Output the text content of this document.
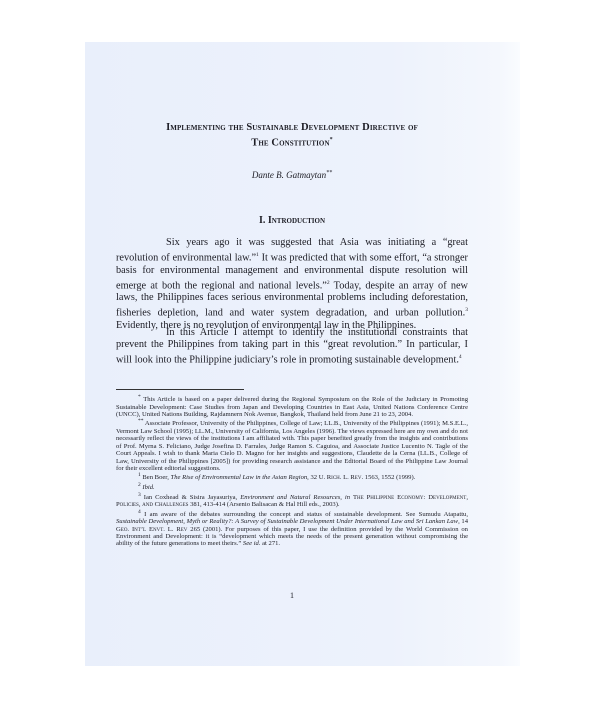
Implementing the Sustainable Development Directive of
The Constitution*
Dante B. Gatmaytan**
I. Introduction

Six years ago it was suggested that Asia was initiating a “great revolution of environmental law.”$^1$ It was predicted that with some effort, “a stronger basis for environmental management and environmental dispute resolution will emerge at both the regional and national levels.”$^2$ Today, despite an array of new laws, the Philippines faces serious environmental problems including deforestation, fisheries depletion, land and water system degradation, and urban pollution.$^3$ Evidently, there is no revolution of environmental law in the Philippines.

In this Article I attempt to identify the institutional constraints that prevent the Philippines from taking part in this “great revolution.” In particular, I will look into the Philippine judiciary’s role in promoting sustainable development.$^4$

* This Article is based on a paper delivered during the Regional Symposium on the Role of the Judiciary in Promoting Sustainable Development: Case Studies from Japan and Developing Countries in East Asia, United Nations Conference Centre (UNCC), United Nations Building, Rajdamnern Nok Avenue, Bangkok, Thailand held from June 21 to 23, 2004.

** Associate Professor, University of the Philippines, College of Law; LL.B., University of the Philippines (1991); M.S.E.L., Vermont Law School (1995); LL.M., University of California, Los Angeles (1996). The views expressed here are my own and do not necessarily reflect the views of the institutions I am affiliated with. This paper benefited greatly from the insights and contributions of Prof. Myrna S. Feliciano, Judge Josefina D. Farrales, Judge Ramon S. Caguioa, and Associate Justice Lucenito N. Tagle of the Court Appeals. I wish to thank Maria Cielo D. Magno for her insights and suggestions, Claudette de la Cerna (LL.B., College of Law, University of the Philippines [2005]) for providing research assistance and the Editorial Board of the Philippine Law Journal for their excellent editorial suggestions.

$^1$ Ben Boer, The Rise of Environmental Law in the Asian Region, 32 U. Rich. L. Rev. 1563, 1552 (1999).

$^2$ Ibid.

$^3$ Ian Coxhead & Sisira Jayasuriya, Environment and Natural Resources, in The Philippine Economy: Development, Policies, and Challenges 381, 413-414 (Arsenio Balisacan & Hal Hill eds., 2003).

$^4$ I am aware of the debates surrounding the concept and status of sustainable development. See Sumudu Atapattu, Sustainable Development, Myth or Reality?: A Survey of Sustainable Development Under International Law and Sri Lankan Law, 14 Geo. Int’l Envt. L. Rev 265 (2001). For purposes of this paper, I use the definition provided by the World Commission on Environment and Development: it is “development which meets the needs of the present generation without compromising the ability of the future generations to meet theirs.” See id. at 271.

1
